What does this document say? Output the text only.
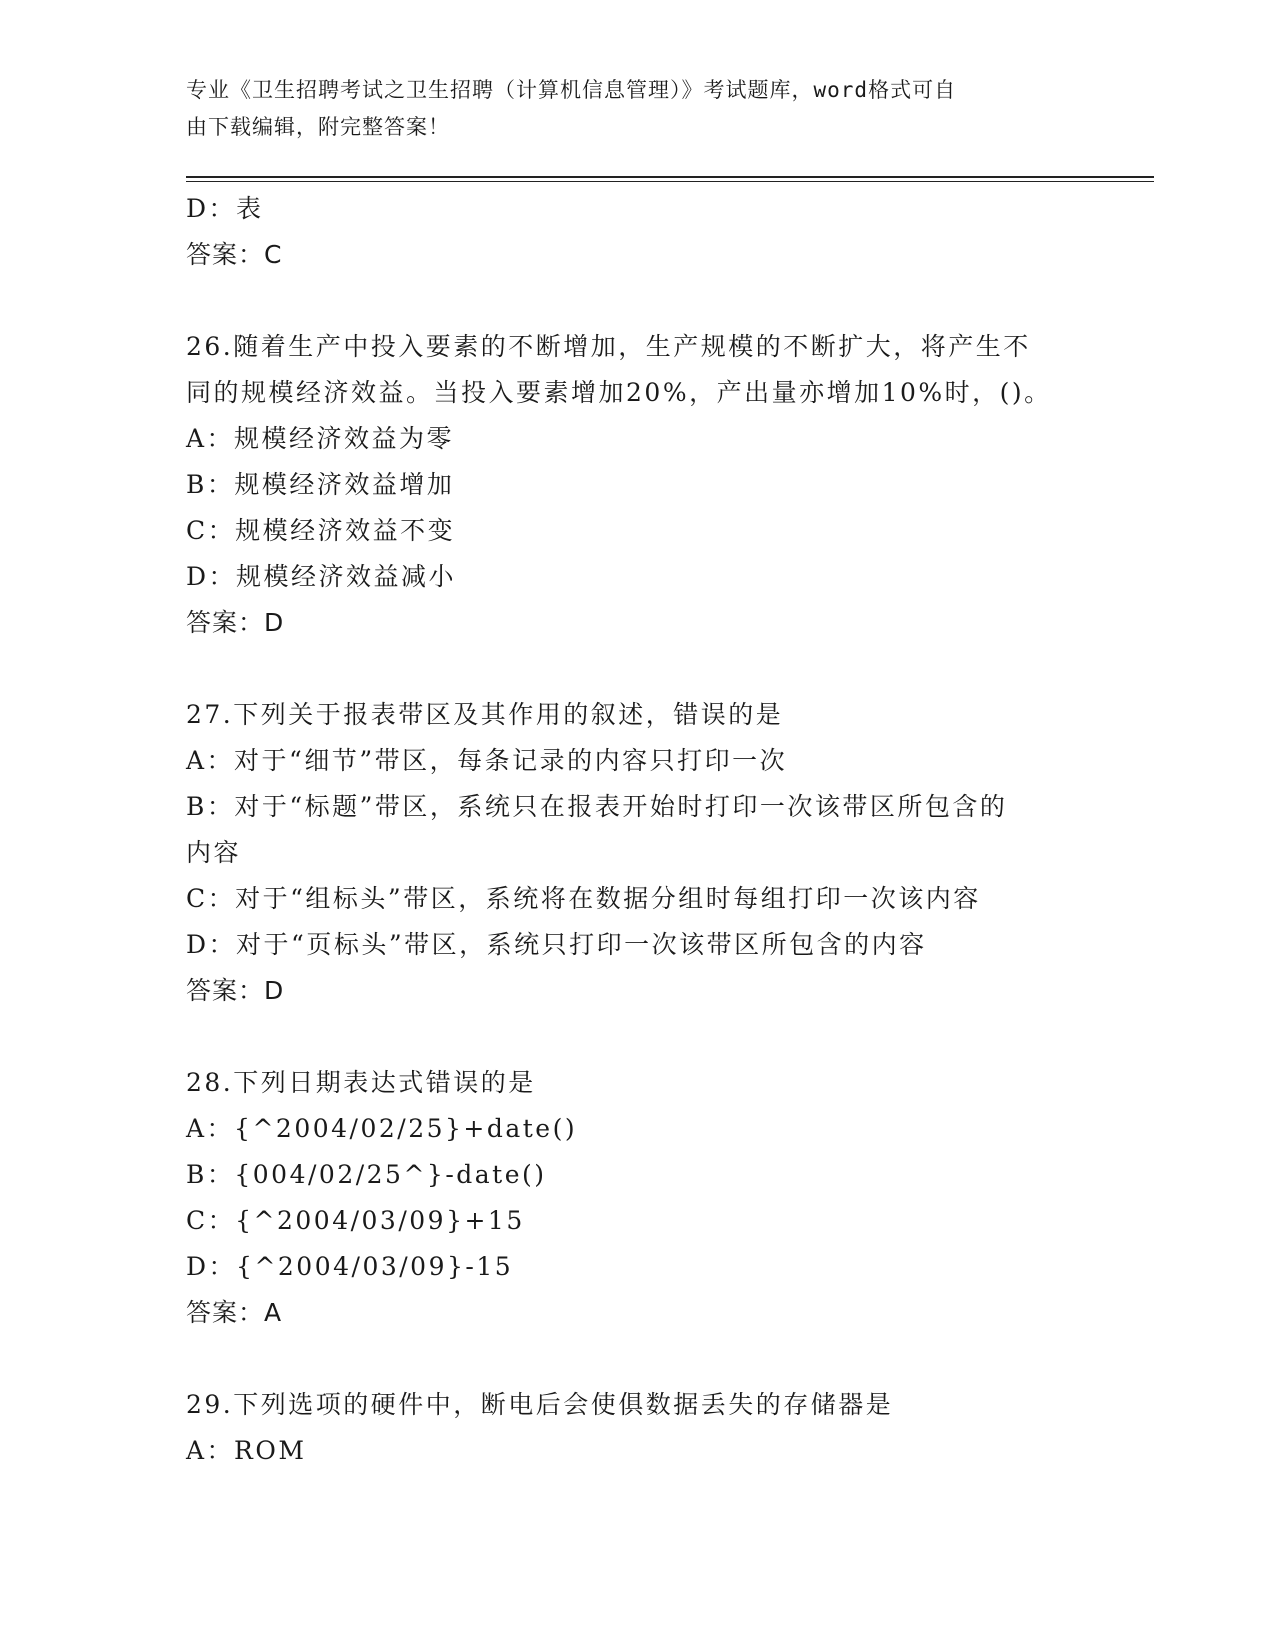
专业《卫生招聘考试之卫生招聘（计算机信息管理）》考试题库，word格式可自
由下载编辑，附完整答案！
D：表
答案：C
26.随着生产中投入要素的不断增加，生产规模的不断扩大，将产生不
同的规模经济效益。当投入要素增加20%，产出量亦增加10%时，()。
A：规模经济效益为零
B：规模经济效益增加
C：规模经济效益不变
D：规模经济效益减小
答案：D
27.下列关于报表带区及其作用的叙述，错误的是
A：对于“细节”带区，每条记录的内容只打印一次
B：对于“标题”带区，系统只在报表开始时打印一次该带区所包含的
内容
C：对于“组标头”带区，系统将在数据分组时每组打印一次该内容
D：对于“页标头”带区，系统只打印一次该带区所包含的内容
答案：D
28.下列日期表达式错误的是
A：{^2004/02/25}+date()
B：{004/02/25^}-date()
C：{^2004/03/09}+15
D：{^2004/03/09}-15
答案：A
29.下列选项的硬件中，断电后会使俱数据丢失的存储器是
A：ROM
